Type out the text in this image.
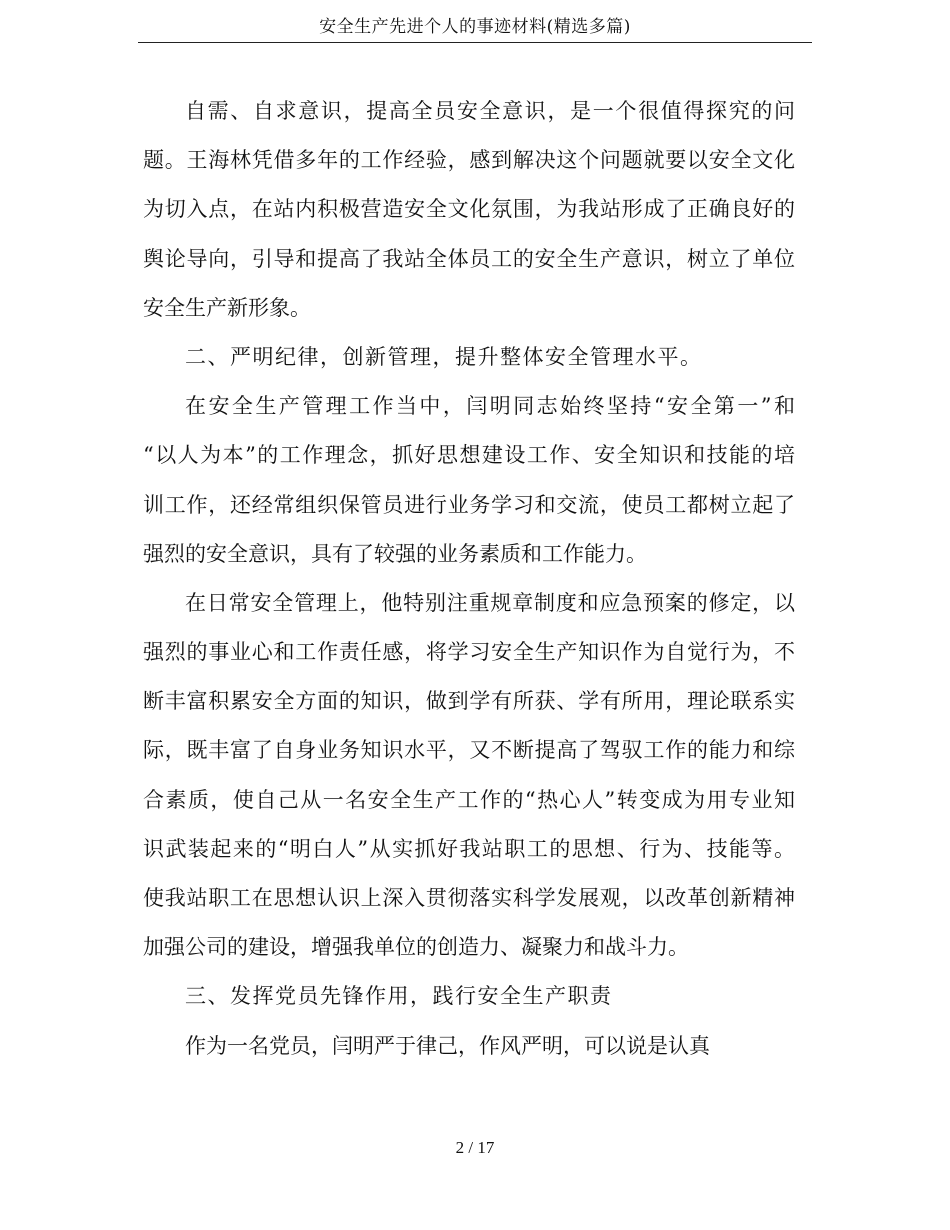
安全生产先进个人的事迹材料(精选多篇)
自需、自求意识，提高全员安全意识，是一个很值得探究的问
题。王海林凭借多年的工作经验，感到解决这个问题就要以安全文化
为切入点，在站内积极营造安全文化氛围，为我站形成了正确良好的
舆论导向，引导和提高了我站全体员工的安全生产意识，树立了单位
安全生产新形象。
二、严明纪律，创新管理，提升整体安全管理水平。
在安全生产管理工作当中，闫明同志始终坚持“安全第一”和
“以人为本”的工作理念，抓好思想建设工作、安全知识和技能的培
训工作，还经常组织保管员进行业务学习和交流，使员工都树立起了
强烈的安全意识，具有了较强的业务素质和工作能力。
在日常安全管理上，他特别注重规章制度和应急预案的修定，以
强烈的事业心和工作责任感，将学习安全生产知识作为自觉行为，不
断丰富积累安全方面的知识，做到学有所获、学有所用，理论联系实
际，既丰富了自身业务知识水平，又不断提高了驾驭工作的能力和综
合素质，使自己从一名安全生产工作的“热心人”转变成为用专业知
识武装起来的“明白人”从实抓好我站职工的思想、行为、技能等。
使我站职工在思想认识上深入贯彻落实科学发展观，以改革创新精神
加强公司的建设，增强我单位的创造力、凝聚力和战斗力。
三、发挥党员先锋作用，践行安全生产职责
作为一名党员，闫明严于律己，作风严明，可以说是认真
2 / 17
